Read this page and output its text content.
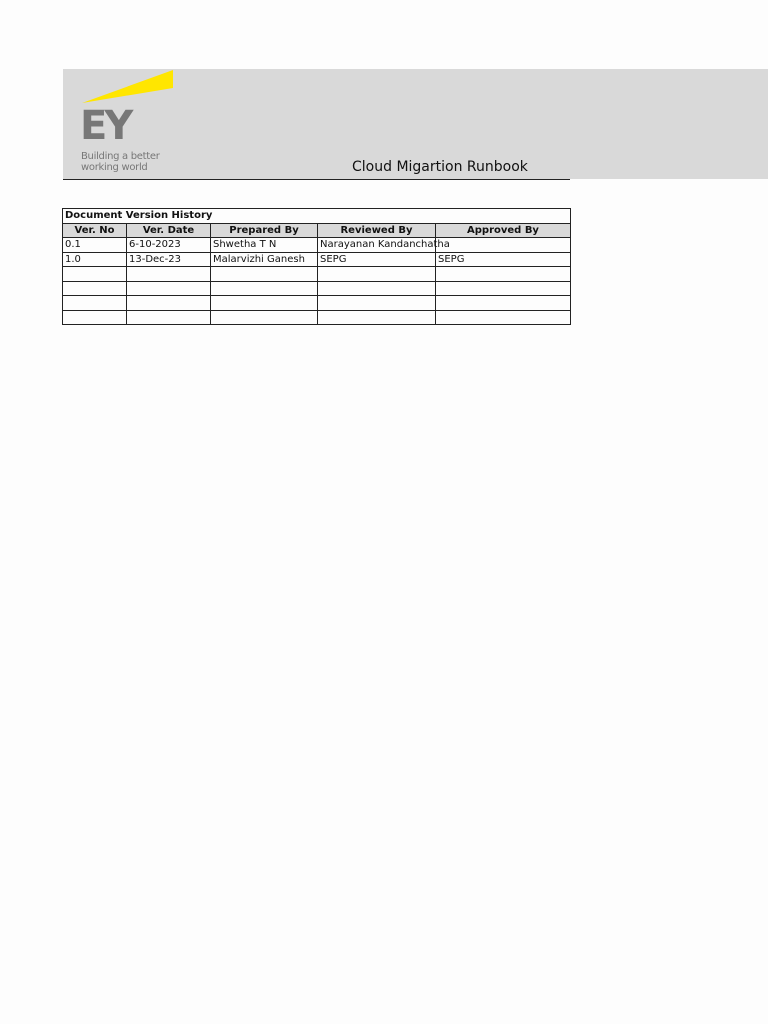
EY
Building a better
working world	Cloud Migartion Runbook
Document Version History				
Ver. No	Ver. Date	Prepared By	Reviewed By	Approved By
0.1	6-10-2023	Shwetha T N	Narayanan Kandanchatha	
1.0	13-Dec-23	Malarvizhi Ganesh	SEPG	SEPG
